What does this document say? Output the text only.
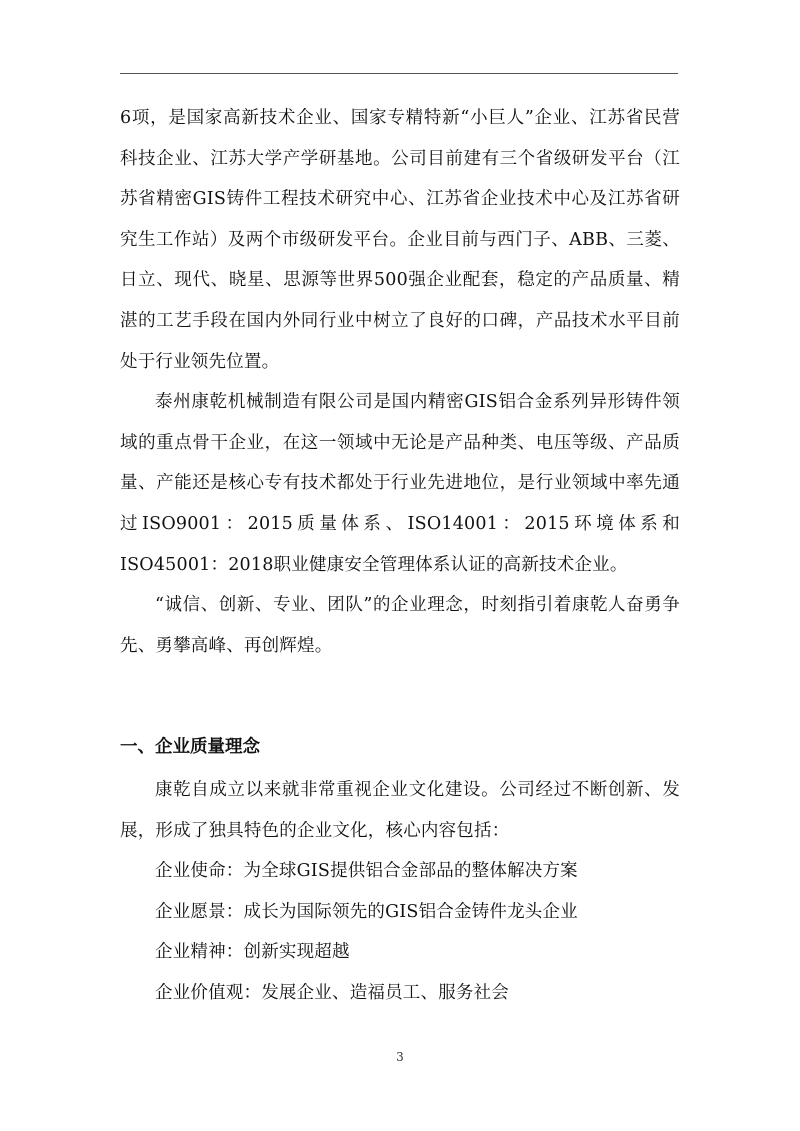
6项，是国家高新技术企业、国家专精特新“小巨人”企业、江苏省民营科技企业、江苏大学产学研基地。公司目前建有三个省级研发平台（江苏省精密GIS铸件工程技术研究中心、江苏省企业技术中心及江苏省研究生工作站）及两个市级研发平台。企业目前与西门子、ABB、三菱、日立、现代、晓星、思源等世界500强企业配套，稳定的产品质量、精湛的工艺手段在国内外同行业中树立了良好的口碑，产品技术水平目前处于行业领先位置。

泰州康乾机械制造有限公司是国内精密GIS铝合金系列异形铸件领域的重点骨干企业，在这一领域中无论是产品种类、电压等级、产品质量、产能还是核心专有技术都处于行业先进地位，是行业领域中率先通过ISO9001：2015质量体系、ISO14001：2015环境体系和ISO45001：2018职业健康安全管理体系认证的高新技术企业。

“诚信、创新、专业、团队”的企业理念，时刻指引着康乾人奋勇争先、勇攀高峰、再创辉煌。

一、企业质量理念

康乾自成立以来就非常重视企业文化建设。公司经过不断创新、发展，形成了独具特色的企业文化，核心内容包括：

企业使命：为全球GIS提供铝合金部品的整体解决方案

企业愿景：成长为国际领先的GIS铝合金铸件龙头企业

企业精神：创新实现超越

企业价值观：发展企业、造福员工、服务社会

3
